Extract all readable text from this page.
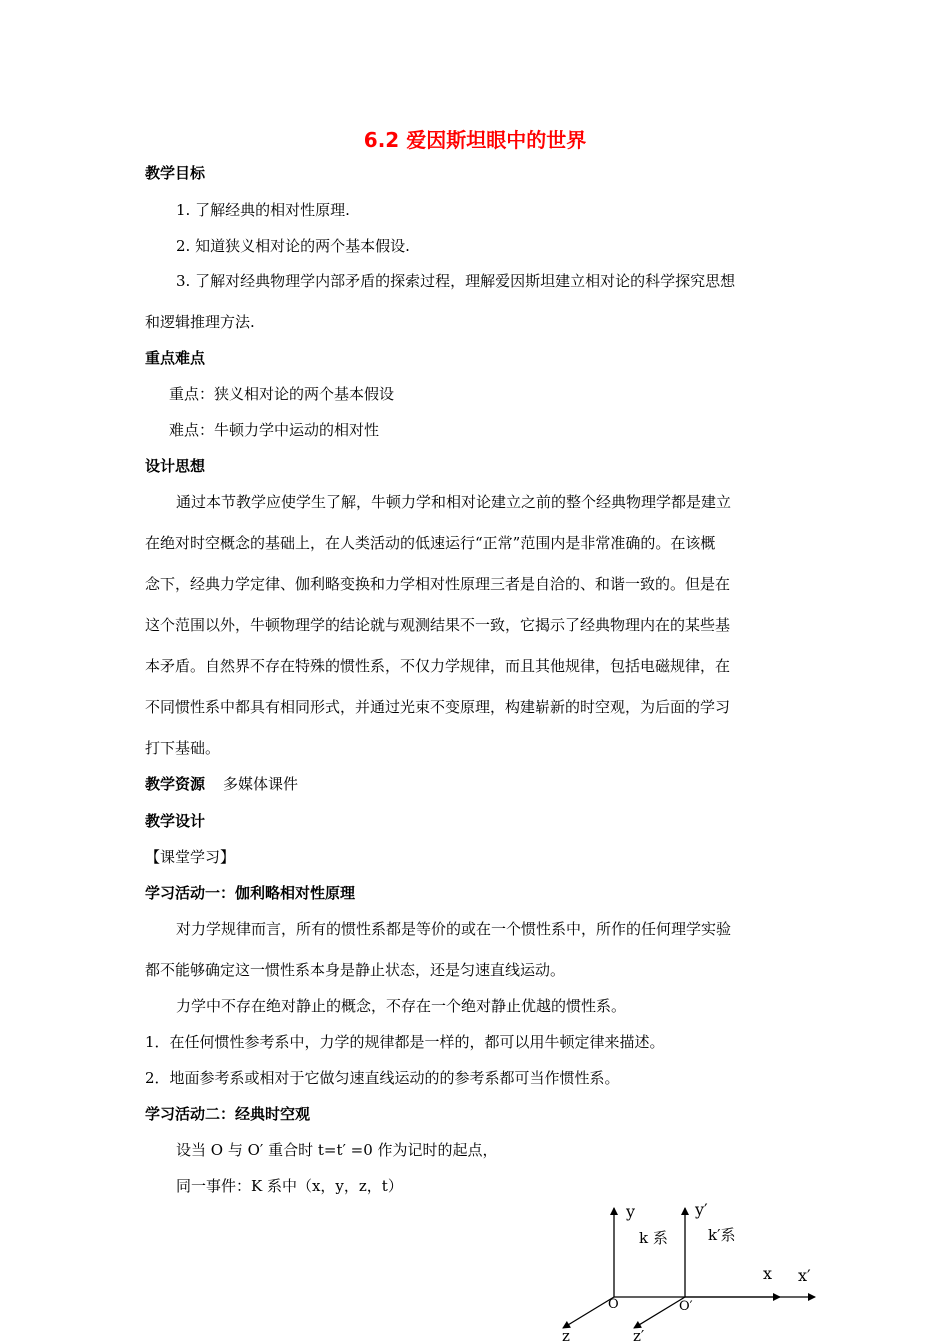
6.2 爱因斯坦眼中的世界
教学目标
1. 了解经典的相对性原理.
2. 知道狭义相对论的两个基本假设.
3. 了解对经典物理学内部矛盾的探索过程，理解爱因斯坦建立相对论的科学探究思想
和逻辑推理方法.
重点难点
重点：狭义相对论的两个基本假设
难点：牛顿力学中运动的相对性
设计思想
通过本节教学应使学生了解，牛顿力学和相对论建立之前的整个经典物理学都是建立
在绝对时空概念的基础上，在人类活动的低速运行“正常”范围内是非常准确的。在该概
念下，经典力学定律、伽利略变换和力学相对性原理三者是自洽的、和谐一致的。但是在
这个范围以外，牛顿物理学的结论就与观测结果不一致，它揭示了经典物理内在的某些基
本矛盾。自然界不存在特殊的惯性系，不仅力学规律，而且其他规律，包括电磁规律，在
不同惯性系中都具有相同形式，并通过光束不变原理，构建崭新的时空观，为后面的学习
打下基础。
教学资源 多媒体课件
教学设计
【课堂学习】
学习活动一：伽利略相对性原理
对力学规律而言，所有的惯性系都是等价的或在一个惯性系中，所作的任何理学实验
都不能够确定这一惯性系本身是静止状态，还是匀速直线运动。
力学中不存在绝对静止的概念，不存在一个绝对静止优越的惯性系。
1．在任何惯性参考系中，力学的规律都是一样的，都可以用牛顿定律来描述。
2．地面参考系或相对于它做匀速直线运动的的参考系都可当作惯性系。
学习活动二：经典时空观
设当 O 与 O′ 重合时 t=t′ =0 作为记时的起点，
同一事件：K 系中（x，y，z，t）
y	y′
k 系	k′系
x x′
O	O′
z	z′
